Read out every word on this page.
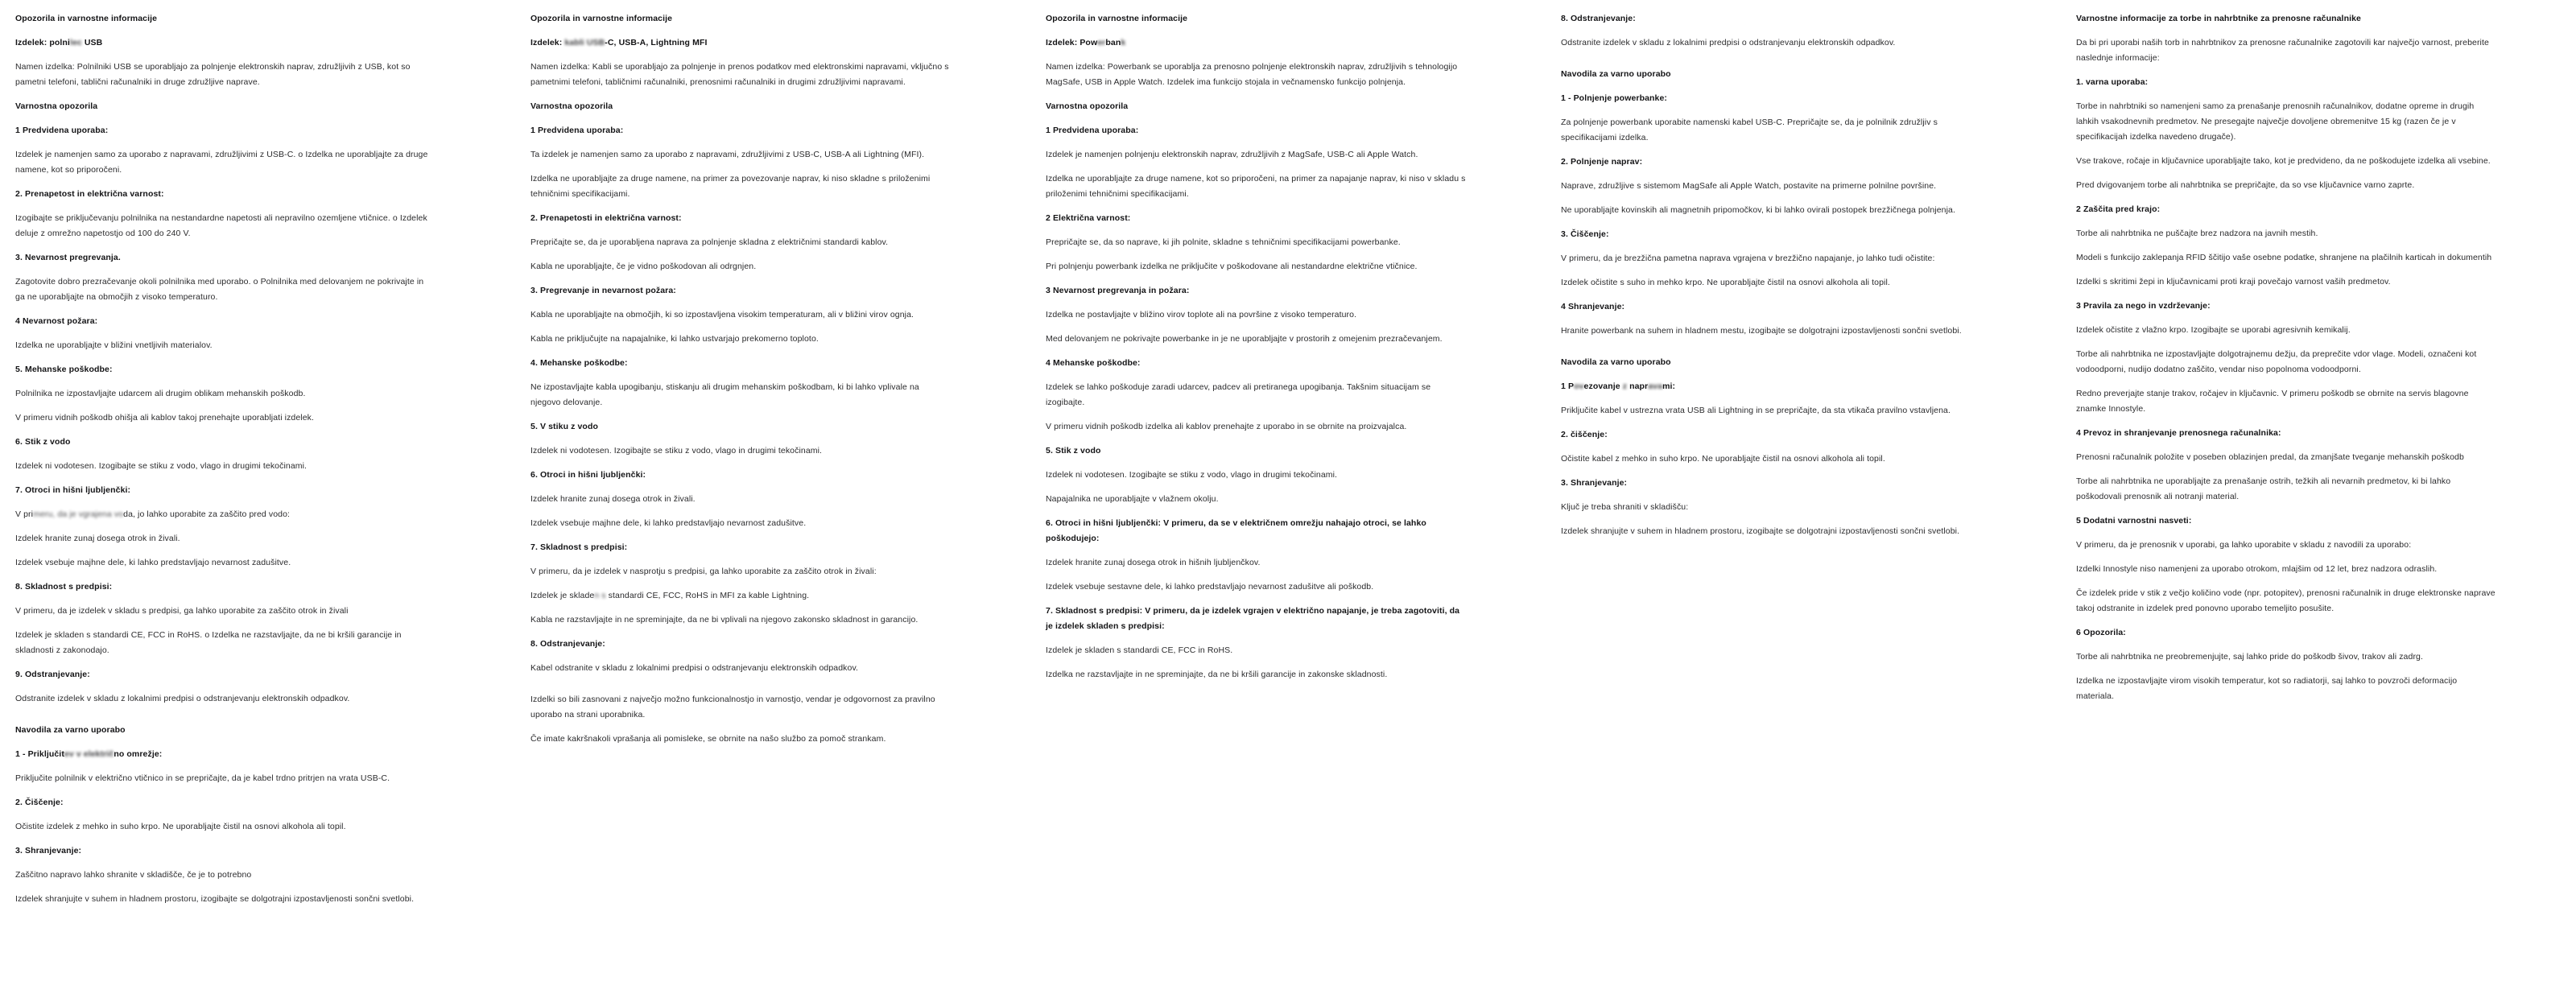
Opozorila in varnostne informacije
Izdelek: polnilec USB
Namen izdelka: Polnilniki USB se uporabljajo za polnjenje elektronskih naprav, združljivih z USB, kot so pametni telefoni, tablični računalniki in druge združljive naprave.
Varnostna opozorila
1 Predvidena uporaba:
Izdelek je namenjen samo za uporabo z napravami, združljivimi z USB-C. o Izdelka ne uporabljajte za druge namene, kot so priporočeni.
2. Prenapetost in električna varnost:
Izogibajte se priključevanju polnilnika na nestandardne napetosti ali nepravilno ozemljene vtičnice. o Izdelek deluje z omrežno napetostjo od 100 do 240 V.
3. Nevarnost pregrevanja.
Zagotovite dobro prezračevanje okoli polnilnika med uporabo. o Polnilnika med delovanjem ne pokrivajte in ga ne uporabljajte na območjih z visoko temperaturo.
4 Nevarnost požara:
Izdelka ne uporabljajte v bližini vnetljivih materialov.
5. Mehanske poškodbe:
Polnilnika ne izpostavljajte udarcem ali drugim oblikam mehanskih poškodb.
V primeru vidnih poškodb ohišja ali kablov takoj prenehajte uporabljati izdelek.
6. Stik z vodo
Izdelek ni vodotesen. Izogibajte se stiku z vodo, vlago in drugimi tekočinami.
7. Otroci in hišni ljubljenčki:
V primeru, da je vgrajena voda, jo lahko uporabite za zaščito pred vodo:
Izdelek hranite zunaj dosega otrok in živali.
Izdelek vsebuje majhne dele, ki lahko predstavljajo nevarnost zadušitve.
8. Skladnost s predpisi:
V primeru, da je izdelek v skladu s predpisi, ga lahko uporabite za zaščito otrok in živali
Izdelek je skladen s standardi CE, FCC in RoHS. o Izdelka ne razstavljajte, da ne bi kršili garancije in skladnosti z zakonodajo.
9. Odstranjevanje:
Odstranite izdelek v skladu z lokalnimi predpisi o odstranjevanju elektronskih odpadkov.
Navodila za varno uporabo
1 - Priključitev v električno omrežje:
Priključite polnilnik v električno vtičnico in se prepričajte, da je kabel trdno pritrjen na vrata USB-C.
2. Čiščenje:
Očistite izdelek z mehko in suho krpo. Ne uporabljajte čistil na osnovi alkohola ali topil.
3. Shranjevanje:
Zaščitno napravo lahko shranite v skladišče, če je to potrebno
Izdelek shranjujte v suhem in hladnem prostoru, izogibajte se dolgotrajni izpostavljenosti sončni svetlobi.
Opozorila in varnostne informacije
Izdelek: kabli USB-C, USB-A, Lightning MFI
Namen izdelka: Kabli se uporabljajo za polnjenje in prenos podatkov med elektronskimi napravami, vključno s pametnimi telefoni, tabličnimi računalniki, prenosnimi računalniki in drugimi združljivimi napravami.
Varnostna opozorila
1 Predvidena uporaba:
Ta izdelek je namenjen samo za uporabo z napravami, združljivimi z USB-C, USB-A ali Lightning (MFI).
Izdelka ne uporabljajte za druge namene, na primer za povezovanje naprav, ki niso skladne s priloženimi tehničnimi specifikacijami.
2. Prenapetosti in električna varnost:
Prepričajte se, da je uporabljena naprava za polnjenje skladna z električnimi standardi kablov.
Kabla ne uporabljajte, če je vidno poškodovan ali odrgnjen.
3. Pregrevanje in nevarnost požara:
Kabla ne uporabljajte na območjih, ki so izpostavljena visokim temperaturam, ali v bližini virov ognja.
Kabla ne priključujte na napajalnike, ki lahko ustvarjajo prekomerno toploto.
4. Mehanske poškodbe:
Ne izpostavljajte kabla upogibanju, stiskanju ali drugim mehanskim poškodbam, ki bi lahko vplivale na njegovo delovanje.
5. V stiku z vodo
Izdelek ni vodotesen. Izogibajte se stiku z vodo, vlago in drugimi tekočinami.
6. Otroci in hišni ljubljenčki:
Izdelek hranite zunaj dosega otrok in živali.
Izdelek vsebuje majhne dele, ki lahko predstavljajo nevarnost zadušitve.
7. Skladnost s predpisi:
V primeru, da je izdelek v nasprotju s predpisi, ga lahko uporabite za zaščito otrok in živali:
Izdelek je skladen s standardi CE, FCC, RoHS in MFI za kable Lightning.
Kabla ne razstavljajte in ne spreminjajte, da ne bi vplivali na njegovo zakonsko skladnost in garancijo.
8. Odstranjevanje:
Kabel odstranite v skladu z lokalnimi predpisi o odstranjevanju elektronskih odpadkov.
Izdelki so bili zasnovani z največjo možno funkcionalnostjo in varnostjo, vendar je odgovornost za pravilno uporabo na strani uporabnika.
Če imate kakršnakoli vprašanja ali pomisleke, se obrnite na našo službo za pomoč strankam.
Opozorila in varnostne informacije
Izdelek: Powerbank
Namen izdelka: Powerbank se uporablja za prenosno polnjenje elektronskih naprav, združljivih s tehnologijo MagSafe, USB in Apple Watch. Izdelek ima funkcijo stojala in večnamensko funkcijo polnjenja.
Varnostna opozorila
1 Predvidena uporaba:
Izdelek je namenjen polnjenju elektronskih naprav, združljivih z MagSafe, USB-C ali Apple Watch.
Izdelka ne uporabljajte za druge namene, kot so priporočeni, na primer za napajanje naprav, ki niso v skladu s priloženimi tehničnimi specifikacijami.
2 Električna varnost:
Prepričajte se, da so naprave, ki jih polnite, skladne s tehničnimi specifikacijami powerbanke.
Pri polnjenju powerbank izdelka ne priključite v poškodovane ali nestandardne električne vtičnice.
3 Nevarnost pregrevanja in požara:
Izdelka ne postavljajte v bližino virov toplote ali na površine z visoko temperaturo.
Med delovanjem ne pokrivajte powerbanke in je ne uporabljajte v prostorih z omejenim prezračevanjem.
4 Mehanske poškodbe:
Izdelek se lahko poškoduje zaradi udarcev, padcev ali pretiranega upogibanja. Takšnim situacijam se izogibajte.
V primeru vidnih poškodb izdelka ali kablov prenehajte z uporabo in se obrnite na proizvajalca.
5. Stik z vodo
Izdelek ni vodotesen. Izogibajte se stiku z vodo, vlago in drugimi tekočinami.
Napajalnika ne uporabljajte v vlažnem okolju.
6. Otroci in hišni ljubljenčki: V primeru, da se v električnem omrežju nahajajo otroci, se lahko poškodujejo:
Izdelek hranite zunaj dosega otrok in hišnih ljubljenčkov.
Izdelek vsebuje sestavne dele, ki lahko predstavljajo nevarnost zadušitve ali poškodb.
7. Skladnost s predpisi: V primeru, da je izdelek vgrajen v električno napajanje, je treba zagotoviti, da je izdelek skladen s predpisi:
Izdelek je skladen s standardi CE, FCC in RoHS.
Izdelka ne razstavljajte in ne spreminjajte, da ne bi kršili garancije in zakonske skladnosti.
8. Odstranjevanje:
Odstranite izdelek v skladu z lokalnimi predpisi o odstranjevanju elektronskih odpadkov.
Navodila za varno uporabo
1 - Polnjenje powerbanke:
Za polnjenje powerbank uporabite namenski kabel USB-C. Prepričajte se, da je polnilnik združljiv s specifikacijami izdelka.
2. Polnjenje naprav:
Naprave, združljive s sistemom MagSafe ali Apple Watch, postavite na primerne polnilne površine.
Ne uporabljajte kovinskih ali magnetnih pripomočkov, ki bi lahko ovirali postopek brezžičnega polnjenja.
3. Čiščenje:
V primeru, da je brezžična pametna naprava vgrajena v brezžično napajanje, jo lahko tudi očistite:
Izdelek očistite s suho in mehko krpo. Ne uporabljajte čistil na osnovi alkohola ali topil.
4 Shranjevanje:
Hranite powerbank na suhem in hladnem mestu, izogibajte se dolgotrajni izpostavljenosti sončni svetlobi.
Navodila za varno uporabo
1 Povezovanje z napravami:
Priključite kabel v ustrezna vrata USB ali Lightning in se prepričajte, da sta vtikača pravilno vstavljena.
2. čiščenje:
Očistite kabel z mehko in suho krpo. Ne uporabljajte čistil na osnovi alkohola ali topil.
3. Shranjevanje:
Ključ je treba shraniti v skladišču:
Izdelek shranjujte v suhem in hladnem prostoru, izogibajte se dolgotrajni izpostavljenosti sončni svetlobi.
Varnostne informacije za torbe in nahrbtnike za prenosne računalnike
Da bi pri uporabi naših torb in nahrbtnikov za prenosne računalnike zagotovili kar največjo varnost, preberite naslednje informacije:
1. varna uporaba:
Torbe in nahrbtniki so namenjeni samo za prenašanje prenosnih računalnikov, dodatne opreme in drugih lahkih vsakodnevnih predmetov. Ne presegajte največje dovoljene obremenitve 15 kg (razen če je v specifikacijah izdelka navedeno drugače).
Vse trakove, ročaje in ključavnice uporabljajte tako, kot je predvideno, da ne poškodujete izdelka ali vsebine.
Pred dvigovanjem torbe ali nahrbtnika se prepričajte, da so vse ključavnice varno zaprte.
2 Zaščita pred krajo:
Torbe ali nahrbtnika ne puščajte brez nadzora na javnih mestih.
Modeli s funkcijo zaklepanja RFID ščitijo vaše osebne podatke, shranjene na plačilnih karticah in dokumentih
Izdelki s skritimi žepi in ključavnicami proti kraji povečajo varnost vaših predmetov.
3 Pravila za nego in vzdrževanje:
Izdelek očistite z vlažno krpo. Izogibajte se uporabi agresivnih kemikalij.
Torbe ali nahrbtnika ne izpostavljajte dolgotrajnemu dežju, da preprečite vdor vlage. Modeli, označeni kot vodoodporni, nudijo dodatno zaščito, vendar niso popolnoma vodoodporni.
Redno preverjajte stanje trakov, ročajev in ključavnic. V primeru poškodb se obrnite na servis blagovne znamke Innostyle.
4 Prevoz in shranjevanje prenosnega računalnika:
Prenosni računalnik položite v poseben oblazinjen predal, da zmanjšate tveganje mehanskih poškodb
Torbe ali nahrbtnika ne uporabljajte za prenašanje ostrih, težkih ali nevarnih predmetov, ki bi lahko poškodovali prenosnik ali notranji material.
5 Dodatni varnostni nasveti:
V primeru, da je prenosnik v uporabi, ga lahko uporabite v skladu z navodili za uporabo:
Izdelki Innostyle niso namenjeni za uporabo otrokom, mlajšim od 12 let, brez nadzora odraslih.
Če izdelek pride v stik z večjo količino vode (npr. potopitev), prenosni računalnik in druge elektronske naprave takoj odstranite in izdelek pred ponovno uporabo temeljito posušite.
6 Opozorila:
Torbe ali nahrbtnika ne preobremenjujte, saj lahko pride do poškodb šivov, trakov ali zadrg.
Izdelka ne izpostavljajte virom visokih temperatur, kot so radiatorji, saj lahko to povzroči deformacijo materiala.
